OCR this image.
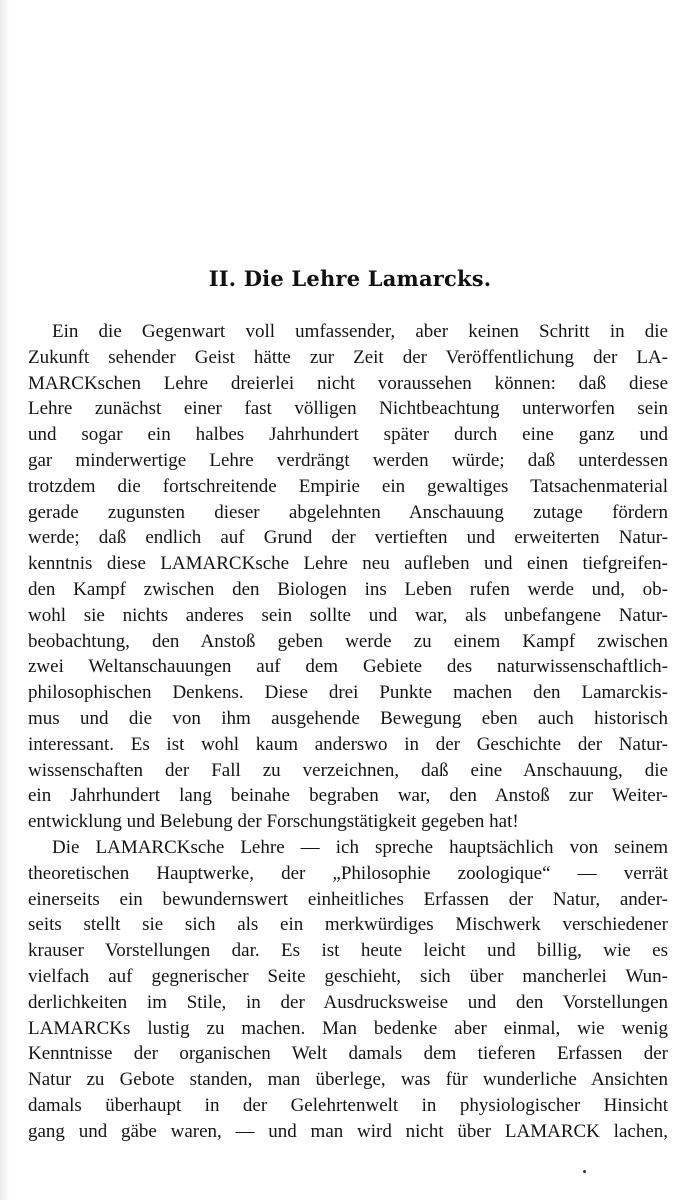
II. Die Lehre Lamarcks.
Ein die Gegenwart voll umfassender, aber keinen Schritt in die
Zukunft sehender Geist hätte zur Zeit der Veröffentlichung der LA-
MARCKschen Lehre dreierlei nicht voraussehen können: daß diese
Lehre zunächst einer fast völligen Nichtbeachtung unterworfen sein
und sogar ein halbes Jahrhundert später durch eine ganz und
gar minderwertige Lehre verdrängt werden würde; daß unterdessen
trotzdem die fortschreitende Empirie ein gewaltiges Tatsachenmaterial
gerade zugunsten dieser abgelehnten Anschauung zutage fördern
werde; daß endlich auf Grund der vertieften und erweiterten Natur-
kenntnis diese LAMARCKsche Lehre neu aufleben und einen tiefgreifen-
den Kampf zwischen den Biologen ins Leben rufen werde und, ob-
wohl sie nichts anderes sein sollte und war, als unbefangene Natur-
beobachtung, den Anstoß geben werde zu einem Kampf zwischen
zwei Weltanschauungen auf dem Gebiete des naturwissenschaftlich-
philosophischen Denkens. Diese drei Punkte machen den Lamarckis-
mus und die von ihm ausgehende Bewegung eben auch historisch
interessant. Es ist wohl kaum anderswo in der Geschichte der Natur-
wissenschaften der Fall zu verzeichnen, daß eine Anschauung, die
ein Jahrhundert lang beinahe begraben war, den Anstoß zur Weiter-
entwicklung und Belebung der Forschungstätigkeit gegeben hat!
Die LAMARCKsche Lehre — ich spreche hauptsächlich von seinem
theoretischen Hauptwerke, der „Philosophie zoologique“ — verrät
einerseits ein bewundernswert einheitliches Erfassen der Natur, ander-
seits stellt sie sich als ein merkwürdiges Mischwerk verschiedener
krauser Vorstellungen dar. Es ist heute leicht und billig, wie es
vielfach auf gegnerischer Seite geschieht, sich über mancherlei Wun-
derlichkeiten im Stile, in der Ausdrucksweise und den Vorstellungen
LAMARCKs lustig zu machen. Man bedenke aber einmal, wie wenig
Kenntnisse der organischen Welt damals dem tieferen Erfassen der
Natur zu Gebote standen, man überlege, was für wunderliche Ansichten
damals überhaupt in der Gelehrtenwelt in physiologischer Hinsicht
gang und gäbe waren, — und man wird nicht über LAMARCK lachen,
